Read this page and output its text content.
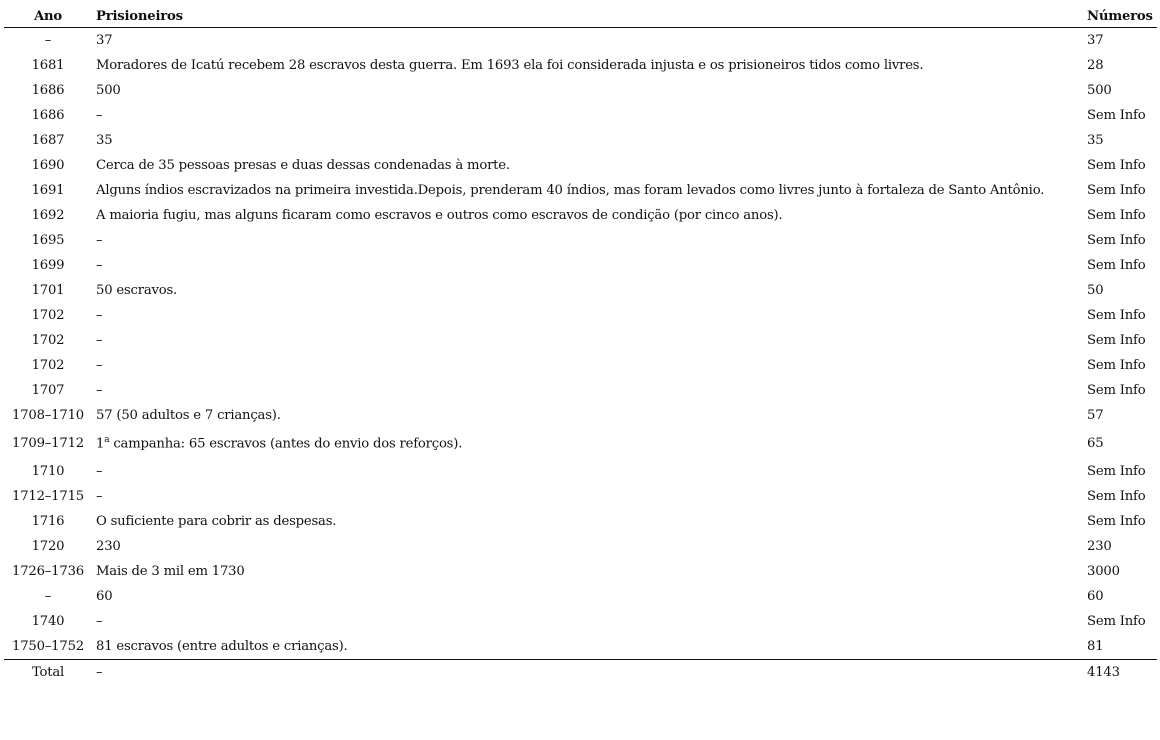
Ano	Prisioneiros	Números
–	37	37
1681	Moradores de Icatú recebem 28 escravos desta guerra. Em 1693 ela foi considerada injusta e os prisioneiros tidos como livres.	28
1686	500	500
1686	–	Sem Info
1687	35	35
1690	Cerca de 35 pessoas presas e duas dessas condenadas à morte.	Sem Info
1691	Alguns índios escravizados na primeira investida.Depois, prenderam 40 índios, mas foram levados como livres junto à fortaleza de Santo Antônio.	Sem Info
1692	A maioria fugiu, mas alguns ficaram como escravos e outros como escravos de condição (por cinco anos).	Sem Info
1695	–	Sem Info
1699	–	Sem Info
1701	50 escravos.	50
1702	–	Sem Info
1702	–	Sem Info
1702	–	Sem Info
1707	–	Sem Info
1708–1710	57 (50 adultos e 7 crianças).	57
1709–1712	1$^a$ campanha: 65 escravos (antes do envio dos reforços).	65
1710	–	Sem Info
1712–1715	–	Sem Info
1716	O suficiente para cobrir as despesas.	Sem Info
1720	230	230
1726–1736	Mais de 3 mil em 1730	3000
–	60	60
1740	–	Sem Info
1750–1752	81 escravos (entre adultos e crianças).	81
Total	–	4143
